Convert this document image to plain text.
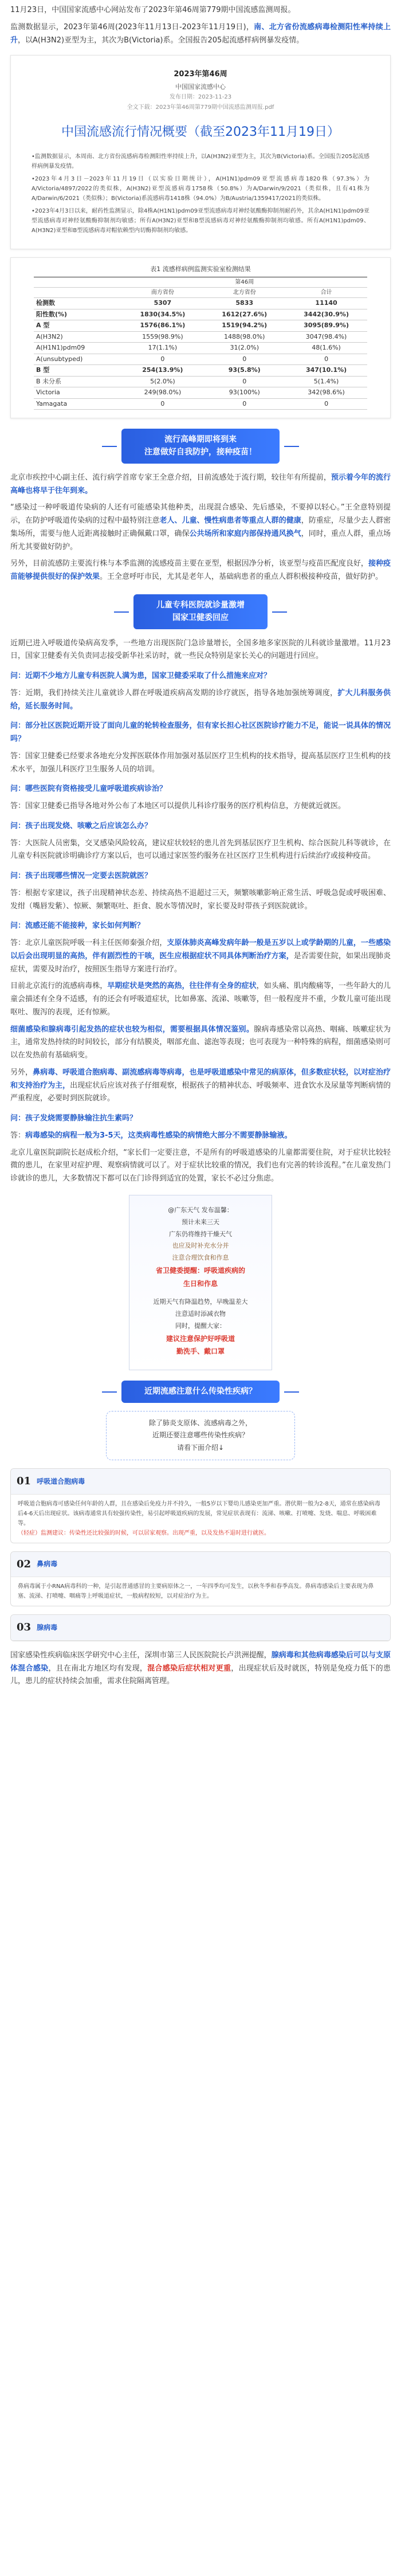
11月23日，中国国家流感中心网站发布了2023年第46周第779期中国流感监测周报。

监测数据显示，2023年第46周(2023年11月13日-2023年11月19日)，南、北方省份流感病毒检测阳性率持续上升，以A(H3N2)亚型为主，其次为B(Victoria)系。全国报告205起流感样病例暴发疫情。

2023年第46周
中国国家流感中心
发布日期：2023-11-23
全文下载：2023年第46周第779期中国流感监测周报.pdf
中国流感流行情况概要（截至2023年11月19日）

•监测数据显示，本周南、北方省份流感病毒检测阳性率持续上升，以A(H3N2)亚型为主，其次为B(Victoria)系。全国报告205起流感样病例暴发疫情。

•2023年4月3日－2023年11月19日（以实验日期统计），A(H1N1)pdm09亚型流感病毒1820株（97.3%）为A/Victoria/4897/2022的类似株，A(H3N2)亚型流感病毒1758株（50.8%）为A/Darwin/9/2021（类似株，且有41株为A/Darwin/6/2021（类似株）；B(Victoria)系流感病毒1418株（94.0%）为B/Austria/1359417/2021的类似株。

•2023年4月3日以来，耐药性监测显示，除4株A(H1N1)pdm09亚型流感病毒对神经氨酸酶抑制剂耐药外，其余A(H1N1)pdm09亚型流感病毒对神经氨酸酶抑制剂均敏感；所有A(H3N2)亚型和B型流感病毒对神经氨酸酶抑制剂均敏感。所有A(H1N1)pdm09、A(H3N2)亚型和B型流感病毒对帽依赖型内切酶抑制剂均敏感。

表1 流感样病例监测实验室检测结果
	第46周		
	南方省份	北方省份	合计
检测数	5307	5833	11140
阳性数(%)	1830(34.5%)	1612(27.6%)	3442(30.9%)
A 型	1576(86.1%)	1519(94.2%)	3095(89.9%)
A(H3N2)	1559(98.9%)	1488(98.0%)	3047(98.4%)
A(H1N1)pdm09	17(1.1%)	31(2.0%)	48(1.6%)
A(unsubtyped)	0	0	0
B 型	254(13.9%)	93(5.8%)	347(10.1%)
B 未分系	5(2.0%)	0	5(1.4%)
Victoria	249(98.0%)	93(100%)	342(98.6%)
Yamagata	0	0	0
流行高峰期即将到来
注意做好自我防护，接种疫苗！

北京市疾控中心副主任、流行病学首席专家王全意介绍，目前流感处于流行期，较往年有所提前，预示着今年的流行高峰也将早于往年到来。

“感染过一种呼吸道传染病的人还有可能感染其他种类，出现混合感染、先后感染，不要掉以轻心。”王全意特别提示，在防护呼吸道传染病的过程中最特别注意老人、儿童、慢性病患者等重点人群的健康，防重症，尽量少去人群密集场所，需要与他人近距离接触时正确佩戴口罩，确保公共场所和家庭内部保持通风换气，同时，重点人群，重点场所尤其要做好防护。

另外，目前流感防主要流行株与本季监测的流感疫苗主要在亚型，根据因净分析，该亚型与疫苗匹配度良好，接种疫苗能够提供很好的保护效果。王全意呼吁市民，尤其是老年人，基础病患者的重点人群积极接种疫苗，做好防护。

儿童专科医院就诊量激增
国家卫健委回应

近期已进入呼吸道传染病高发季，一些地方出现医院门急诊量增长，全国多地多家医院的儿科就诊量激增。11月23日，国家卫健委有关负责同志接受新华社采访时，就一些民众特别是家长关心的问题进行回应。

问：近期不少地方儿童专科医院人满为患，国家卫健委采取了什么措施来应对？

答：近期，我们持续关注儿童就诊人群在呼吸道疾病高发期的诊疗就医，指导各地加强统筹调度，扩大儿科服务供给，延长服务时间。

问：部分社区医院近期开设了面向儿童的轮转检查服务，但有家长担心社区医院诊疗能力不足，能说一说具体的情况吗？

答：国家卫健委已经要求各地充分发挥医联体作用加强对基层医疗卫生机构的技术指导，提高基层医疗卫生机构的技术水平，加强儿科医疗卫生服务人员的培训。

问：哪些医院有资格接受儿童呼吸道疾病诊治？

答：国家卫健委已指导各地对外公布了本地区可以提供儿科诊疗服务的医疗机构信息，方便就近就医。

问：孩子出现发烧、咳嗽之后应该怎么办？

答：大医院人员密集，交叉感染风险较高，建议症状较轻的患儿首先到基层医疗卫生机构、综合医院儿科等就诊，在儿童专科医院就诊明确诊疗方案以后，也可以通过家医签约服务在社区医疗卫生机构进行后续治疗或接种疫苗。

问：孩子出现哪些情况一定要去医院就医？

答：根据专家建议，孩子出现精神状态差、持续高热不退超过三天，频繁咳嗽影响正常生活、呼吸急促或呼吸困难、发绀（嘴唇发紫）、惊厥、频繁呕吐、拒食、脱水等情况时，家长要及时带孩子到医院就诊。

问：流感还能不能接种，家长如何判断？

答：北京儿童医院呼吸一科主任医师秦强介绍，支原体肺炎高峰发病年龄一般是五岁以上或学龄期的儿童，一些感染以后会出现明显的高热，伴有剧烈性的干咳，医生应根据症状不同具体判断治疗方案，是否需要住院，如果出现肺炎症状，需要及时治疗，按照医生指导方案进行治疗。

目前北京流行的流感病毒株，早期症状是突然的高热，往往伴有全身的症状，如头痛、肌肉酸痛等，一些年龄大的儿童会描述有全身不适感，有的还会有呼吸道症状，比如鼻塞、流涕、咳嗽等，但一般程度并不重，少数儿童可能出现呕吐、腹泻的表现，还有惊厥。

细菌感染和腺病毒引起发热的症状也较为相似，需要根据具体情况鉴别。腺病毒感染常以高热、咽痛、咳嗽症状为主，通常发热持续的时间较长，部分有结膜炎，咽部充血、滤泡等表现；也可表现为一种特殊的病程，细菌感染则可以在发热前有基础病变。

另外，鼻病毒、呼吸道合胞病毒、副流感病毒等病毒，也是呼吸道感染中常见的病原体，但多数症状轻，以对症治疗和支持治疗为主，出现症状后应该对孩子仔细观察，根据孩子的精神状态、呼吸频率、进食饮水及尿量等判断病情的严重程度，必要时到医院就诊。

问：孩子发烧需要静脉输注抗生素吗？

答：病毒感染的病程一般为3-5天，这类病毒性感染的病情绝大部分不需要静脉输液。

北京儿童医院副院长赵成松介绍，“家长们一定要注意，不是所有的呼吸道感染的儿童都需要住院，对于症状比较轻微的患儿，在家里对症护理、观察病情就可以了。对于症状比较重的情况，我们也有完善的转诊流程。”在儿童发热门诊就诊的患儿，大多数情况下都可以在门诊得到适宜的处置，家长不必过分焦虑。

@广东天气 发布温馨：
预计未来三天
广东仍将维持干燥天气
也应及时补充水分并
注意合理饮食和作息
省卫健委提醒：呼吸道疾病的
生日和作息
近期天气有降温趋势，早晚温差大
注意适时添减衣物
同时，提醒大家：
建议注意保护好呼吸道
勤洗手、戴口罩
近期流感注意什么传染性疾病？
除了肺炎支原体、流感病毒之外，
近期还要注意哪些传染性疾病？
请看下面介绍↓
01 呼吸道合胞病毒
呼吸道合胞病毒可感染任何年龄的人群，且在感染后免疫力并不持久，一般5岁以下婴幼儿感染更加严重。潜伏期一般为2-8天，通常在感染病毒后4-6天后出现症状。该病毒通常具有较强传染性，易引起呼吸道疾病的发展，常见症状表现有：流涕、咳嗽、打喷嚏、发烧、喘息、呼吸困难等。
（轻症）监测建议：传染性还比较强的时候，可以居家观察。出现严重，以及发热不退时进行就医。
02 鼻病毒
鼻病毒属于小RNA病毒科的一种，是引起普通感冒的主要病原体之一，一年四季均可发生，以秋冬季和春季高发。鼻病毒感染后主要表现为鼻塞、流涕、打喷嚏、咽痛等上呼吸道症状，一般病程较短，以对症治疗为主。
03 腺病毒

国家感染性疾病临床医学研究中心主任，深圳市第三人民医院院长卢洪洲提醒，腺病毒和其他病毒感染后可以与支原体混合感染，且在南北方地区均有发现，混合感染后症状相对更重，出现症状后及时就医，特别是免疫力低下的患儿，患儿的症状持续会加重，需求住院隔离管理。
